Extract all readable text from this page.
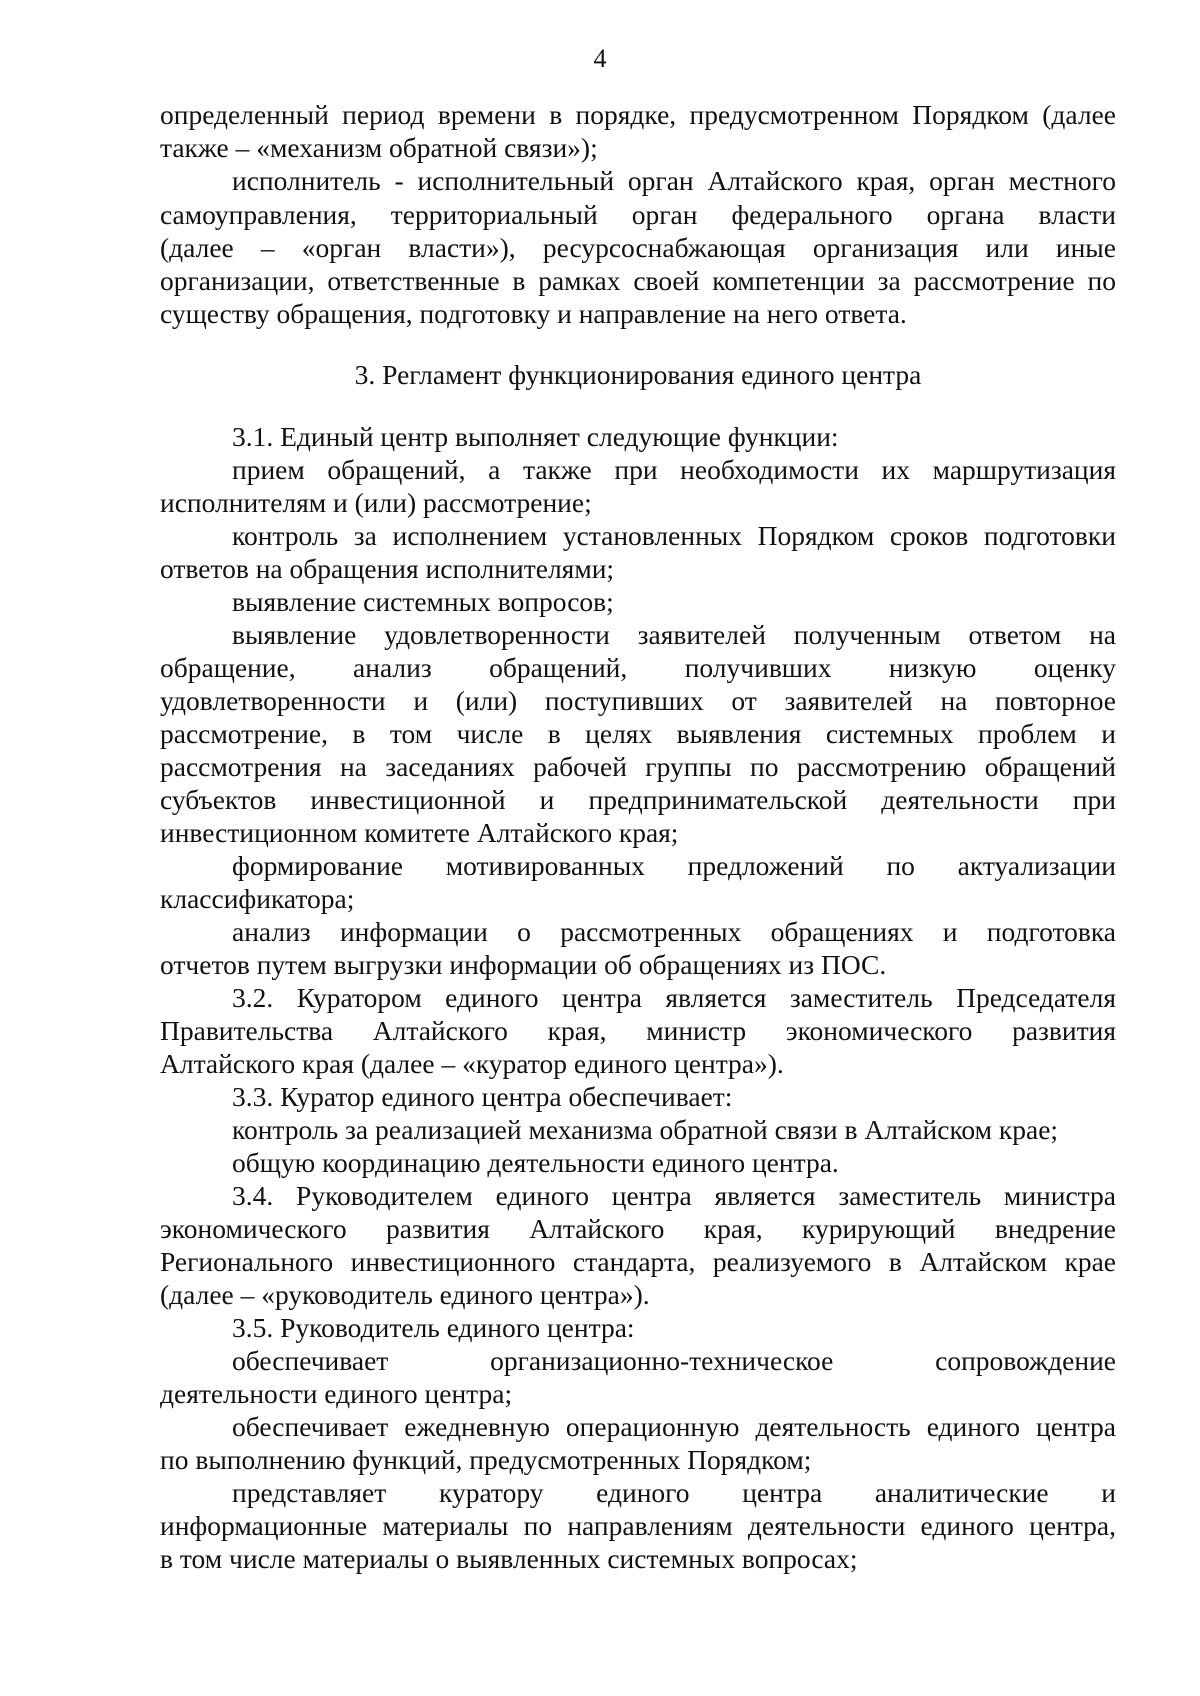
4
определенный период времени в порядке, предусмотренном Порядком (далее
также – «механизм обратной связи»);
исполнитель - исполнительный орган Алтайского края, орган местного
самоуправления, территориальный орган федерального органа власти
(далее – «орган власти»), ресурсоснабжающая организация или иные
организации, ответственные в рамках своей компетенции за рассмотрение по
существу обращения, подготовку и направление на него ответа.
3. Регламент функционирования единого центра
3.1. Единый центр выполняет следующие функции:
прием обращений, а также при необходимости их маршрутизация
исполнителям и (или) рассмотрение;
контроль за исполнением установленных Порядком сроков подготовки
ответов на обращения исполнителями;
выявление системных вопросов;
выявление удовлетворенности заявителей полученным ответом на
обращение, анализ обращений, получивших низкую оценку
удовлетворенности и (или) поступивших от заявителей на повторное
рассмотрение, в том числе в целях выявления системных проблем и
рассмотрения на заседаниях рабочей группы по рассмотрению обращений
субъектов инвестиционной и предпринимательской деятельности при
инвестиционном комитете Алтайского края;
формирование мотивированных предложений по актуализации
классификатора;
анализ информации о рассмотренных обращениях и подготовка
отчетов путем выгрузки информации об обращениях из ПОС.
3.2. Куратором единого центра является заместитель Председателя
Правительства Алтайского края, министр экономического развития
Алтайского края (далее – «куратор единого центра»).
3.3. Куратор единого центра обеспечивает:
контроль за реализацией механизма обратной связи в Алтайском крае;
общую координацию деятельности единого центра.
3.4. Руководителем единого центра является заместитель министра
экономического развития Алтайского края, курирующий внедрение
Регионального инвестиционного стандарта, реализуемого в Алтайском крае
(далее – «руководитель единого центра»).
3.5. Руководитель единого центра:
обеспечивает организационно-техническое сопровождение
деятельности единого центра;
обеспечивает ежедневную операционную деятельность единого центра
по выполнению функций, предусмотренных Порядком;
представляет куратору единого центра аналитические и
информационные материалы по направлениям деятельности единого центра,
в том числе материалы о выявленных системных вопросах;
